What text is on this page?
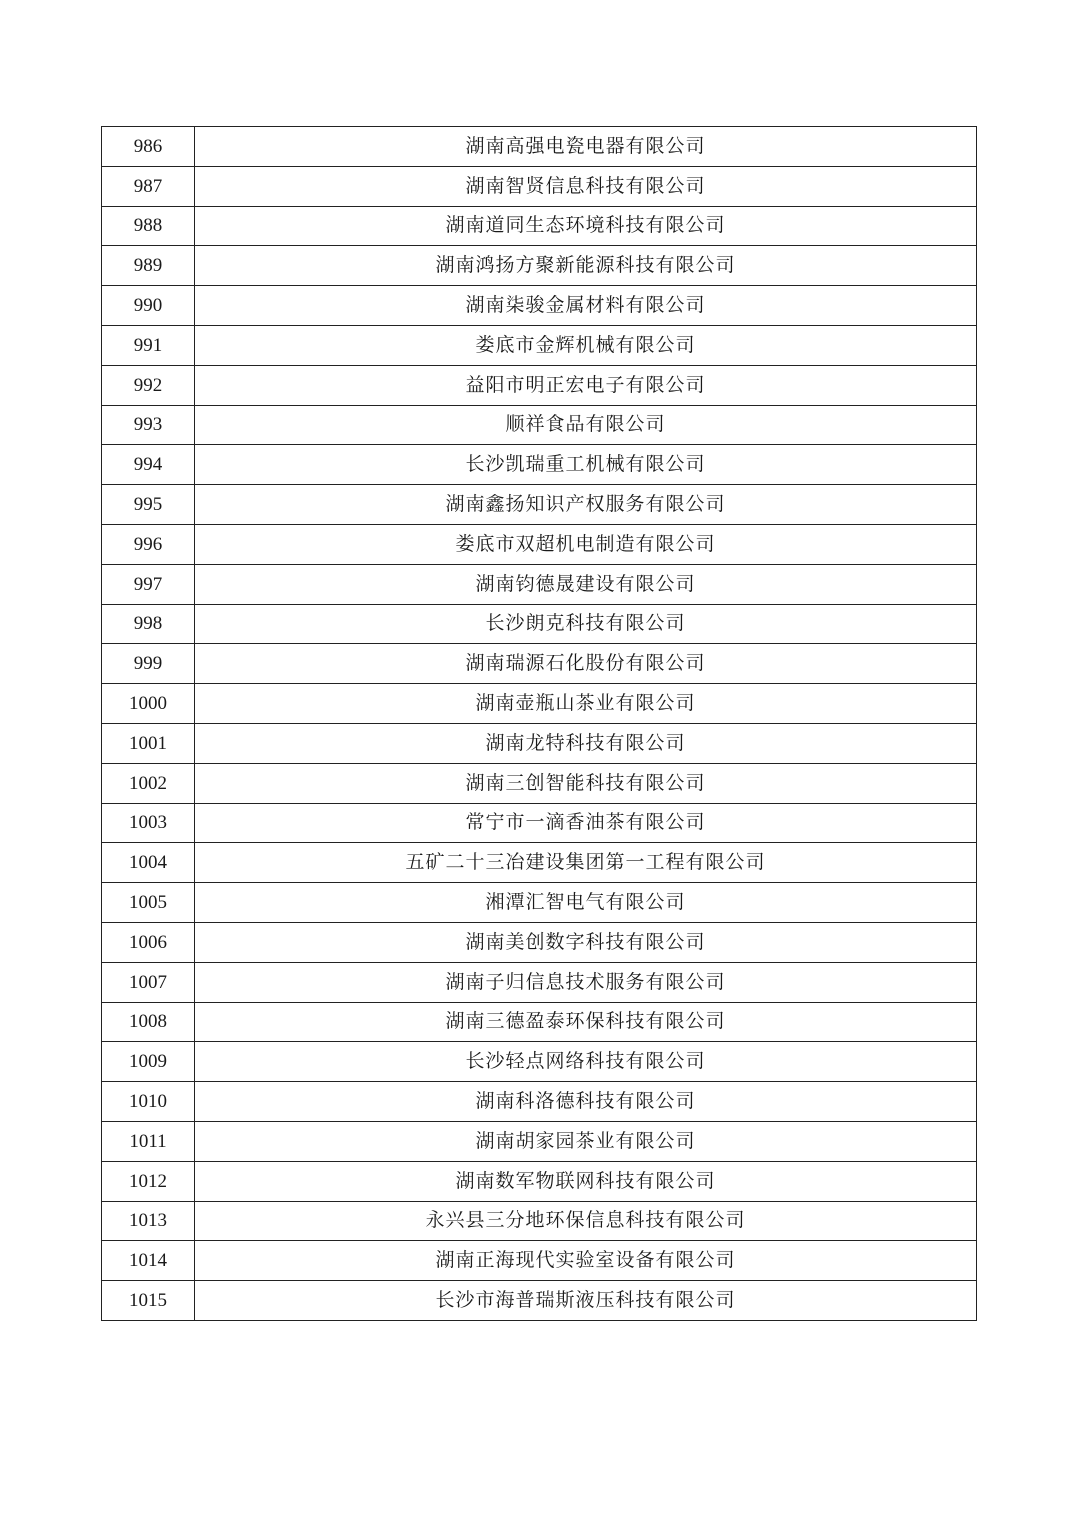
986	湖南高强电瓷电器有限公司
987	湖南智贤信息科技有限公司
988	湖南道同生态环境科技有限公司
989	湖南鸿扬方聚新能源科技有限公司
990	湖南柒骏金属材料有限公司
991	娄底市金辉机械有限公司
992	益阳市明正宏电子有限公司
993	顺祥食品有限公司
994	长沙凯瑞重工机械有限公司
995	湖南鑫扬知识产权服务有限公司
996	娄底市双超机电制造有限公司
997	湖南钧德晟建设有限公司
998	长沙朗克科技有限公司
999	湖南瑞源石化股份有限公司
1000	湖南壶瓶山茶业有限公司
1001	湖南龙特科技有限公司
1002	湖南三创智能科技有限公司
1003	常宁市一滴香油茶有限公司
1004	五矿二十三冶建设集团第一工程有限公司
1005	湘潭汇智电气有限公司
1006	湖南美创数字科技有限公司
1007	湖南子归信息技术服务有限公司
1008	湖南三德盈泰环保科技有限公司
1009	长沙轻点网络科技有限公司
1010	湖南科洛德科技有限公司
1011	湖南胡家园茶业有限公司
1012	湖南数军物联网科技有限公司
1013	永兴县三分地环保信息科技有限公司
1014	湖南正海现代实验室设备有限公司
1015	长沙市海普瑞斯液压科技有限公司
